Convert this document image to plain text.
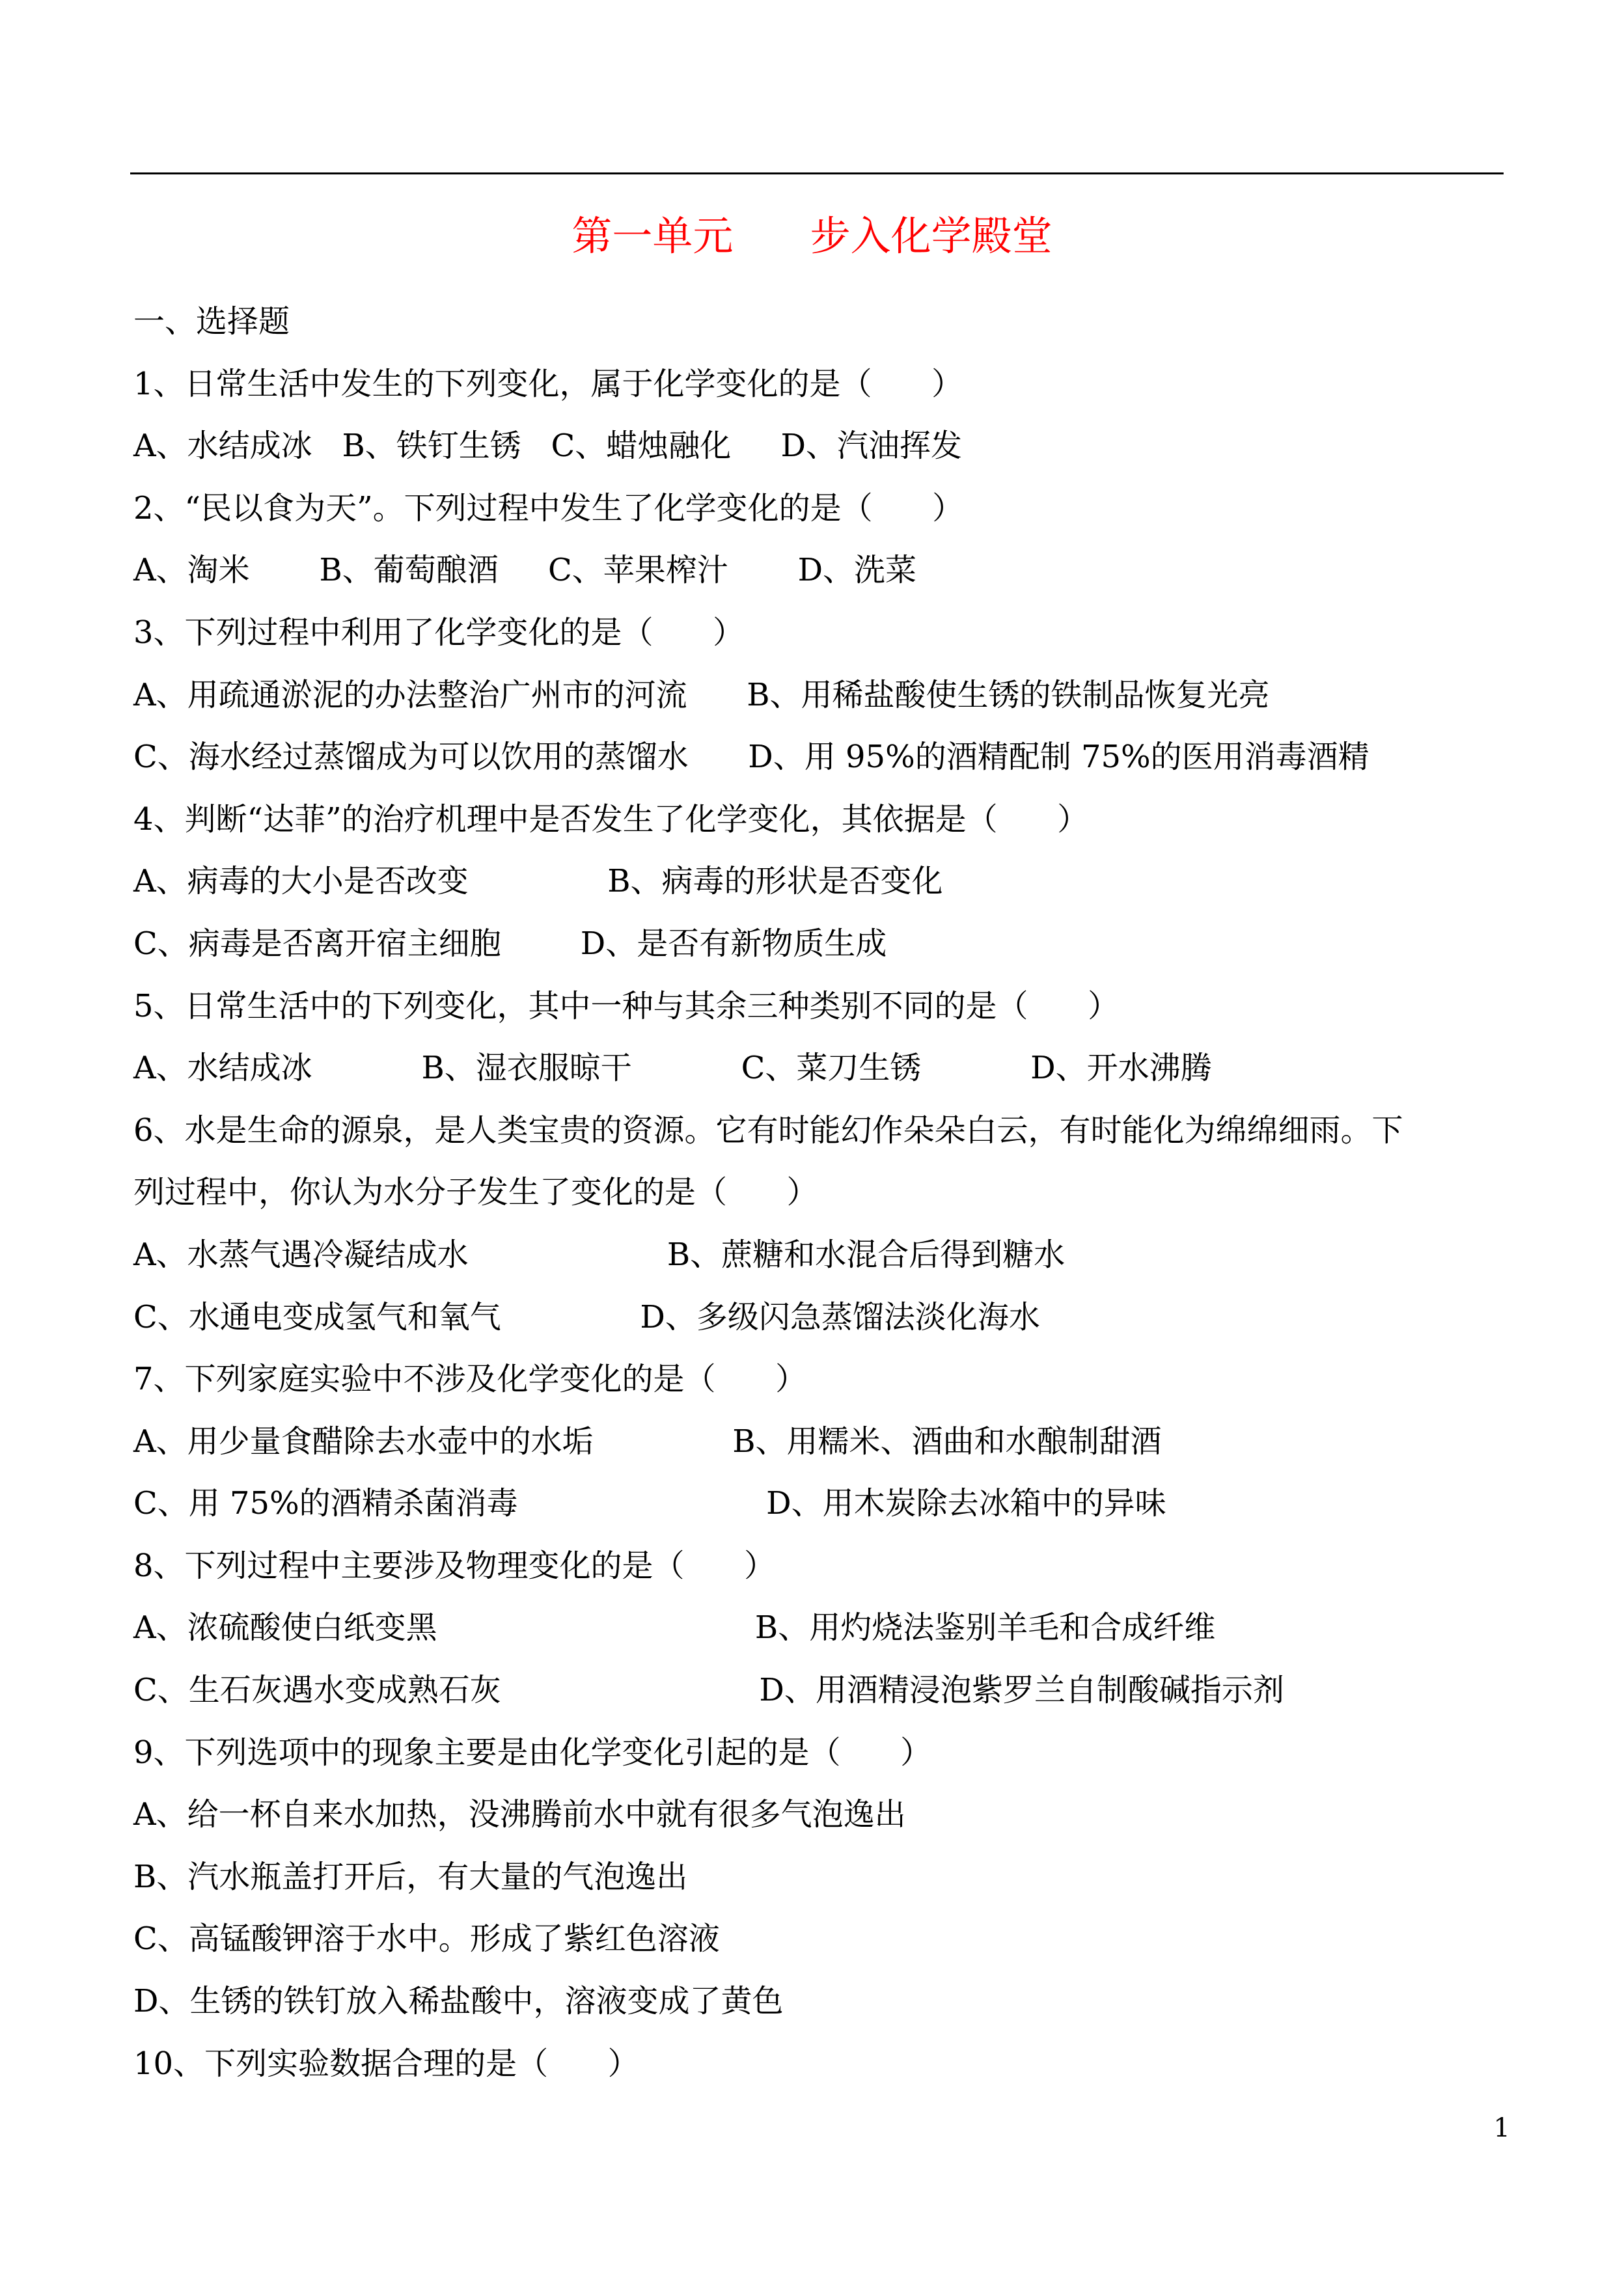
第一单元      步入化学殿堂
一、选择题
1、日常生活中发生的下列变化，属于化学变化的是（      ）
A、水结成冰   B、铁钉生锈   C、蜡烛融化     D、汽油挥发
2、“民以食为天”。下列过程中发生了化学变化的是（      ）
A、淘米       B、葡萄酿酒     C、苹果榨汁       D、洗菜
3、下列过程中利用了化学变化的是（      ）
A、用疏通淤泥的办法整治广州市的河流      B、用稀盐酸使生锈的铁制品恢复光亮
C、海水经过蒸馏成为可以饮用的蒸馏水      D、用 95%的酒精配制 75%的医用消毒酒精
4、判断“达菲”的治疗机理中是否发生了化学变化，其依据是（      ）
A、病毒的大小是否改变              B、病毒的形状是否变化
C、病毒是否离开宿主细胞        D、是否有新物质生成
5、日常生活中的下列变化，其中一种与其余三种类别不同的是（      ）
A、水结成冰           B、湿衣服晾干           C、菜刀生锈           D、开水沸腾
6、水是生命的源泉，是人类宝贵的资源。它有时能幻作朵朵白云，有时能化为绵绵细雨。下
列过程中，你认为水分子发生了变化的是（      ）
A、水蒸气遇冷凝结成水                    B、蔗糖和水混合后得到糖水
C、水通电变成氢气和氧气              D、多级闪急蒸馏法淡化海水
7、下列家庭实验中不涉及化学变化的是（      ）
A、用少量食醋除去水壶中的水垢              B、用糯米、酒曲和水酿制甜酒
C、用 75%的酒精杀菌消毒                         D、用木炭除去冰箱中的异味
8、下列过程中主要涉及物理变化的是（      ）
A、浓硫酸使白纸变黑                                B、用灼烧法鉴别羊毛和合成纤维
C、生石灰遇水变成熟石灰                          D、用酒精浸泡紫罗兰自制酸碱指示剂
9、下列选项中的现象主要是由化学变化引起的是（      ）
A、给一杯自来水加热，没沸腾前水中就有很多气泡逸出
B、汽水瓶盖打开后，有大量的气泡逸出
C、高锰酸钾溶于水中。形成了紫红色溶液
D、生锈的铁钉放入稀盐酸中，溶液变成了黄色
10、下列实验数据合理的是（      ）
1
